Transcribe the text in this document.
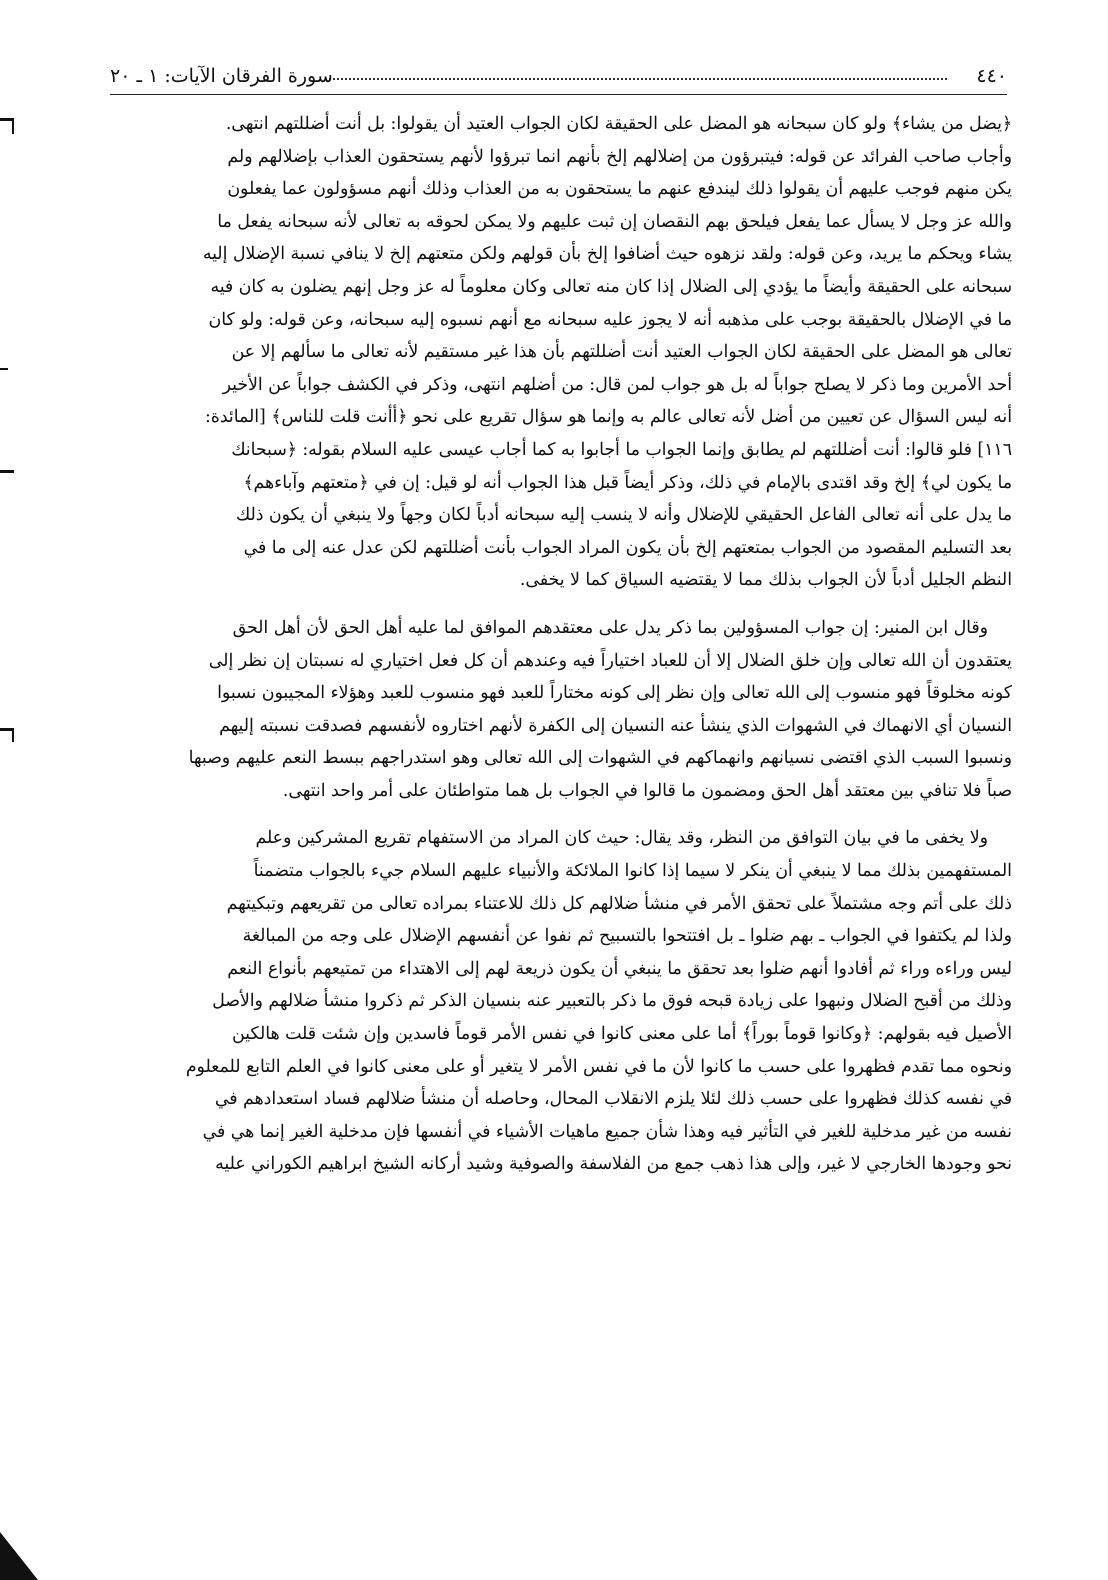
٤٤٠
سورة الفرقان الآيات: ١ ـ ٢٠
﴿يضل من يشاء﴾ ولو كان سبحانه هو المضل على الحقيقة لكان الجواب العتيد أن يقولوا: بل أنت أضللتهم انتهى.
وأجاب صاحب الفرائد عن قوله: فيتبرؤون من إضلالهم إلخ بأنهم انما تبرؤوا لأنهم يستحقون العذاب بإضلالهم ولم
يكن منهم فوجب عليهم أن يقولوا ذلك ليندفع عنهم ما يستحقون به من العذاب وذلك أنهم مسؤولون عما يفعلون
والله عز وجل لا يسأل عما يفعل فيلحق بهم النقصان إن ثبت عليهم ولا يمكن لحوقه به تعالى لأنه سبحانه يفعل ما
يشاء ويحكم ما يريد، وعن قوله: ولقد نزهوه حيث أضافوا إلخ بأن قولهم ولكن متعتهم إلخ لا ينافي نسبة الإضلال إليه
سبحانه على الحقيقة وأيضاً ما يؤدي إلى الضلال إذا كان منه تعالى وكان معلوماً له عز وجل إنهم يضلون به كان فيه
ما في الإضلال بالحقيقة بوجب على مذهبه أنه لا يجوز عليه سبحانه مع أنهم نسبوه إليه سبحانه، وعن قوله: ولو كان
تعالى هو المضل على الحقيقة لكان الجواب العتيد أنت أضللتهم بأن هذا غير مستقيم لأنه تعالى ما سألهم إلا عن
أحد الأمرين وما ذكر لا يصلح جواباً له بل هو جواب لمن قال: من أضلهم انتهى، وذكر في الكشف جواباً عن الأخير
أنه ليس السؤال عن تعيين من أضل لأنه تعالى عالم به وإنما هو سؤال تقريع على نحو ﴿أأنت قلت للناس﴾ [المائدة:
١١٦] فلو قالوا: أنت أضللتهم لم يطابق وإنما الجواب ما أجابوا به كما أجاب عيسى عليه السلام بقوله: ﴿سبحانك
ما يكون لي﴾ إلخ وقد اقتدى بالإمام في ذلك، وذكر أيضاً قبل هذا الجواب أنه لو قيل: إن في ﴿متعتهم وآباءهم﴾
ما يدل على أنه تعالى الفاعل الحقيقي للإضلال وأنه لا ينسب إليه سبحانه أدباً لكان وجهاً ولا ينبغي أن يكون ذلك
بعد التسليم المقصود من الجواب بمتعتهم إلخ بأن يكون المراد الجواب بأنت أضللتهم لكن عدل عنه إلى ما في
النظم الجليل أدباً لأن الجواب بذلك مما لا يقتضيه السياق كما لا يخفى.
وقال ابن المنير: إن جواب المسؤولين بما ذكر يدل على معتقدهم الموافق لما عليه أهل الحق لأن أهل الحق
يعتقدون أن الله تعالى وإن خلق الضلال إلا أن للعباد اختياراً فيه وعندهم أن كل فعل اختياري له نسبتان إن نظر إلى
كونه مخلوقاً فهو منسوب إلى الله تعالى وإن نظر إلى كونه مختاراً للعبد فهو منسوب للعبد وهؤلاء المجيبون نسبوا
النسيان أي الانهماك في الشهوات الذي ينشأ عنه النسيان إلى الكفرة لأنهم اختاروه لأنفسهم فصدقت نسبته إليهم
ونسبوا السبب الذي اقتضى نسيانهم وانهماكهم في الشهوات إلى الله تعالى وهو استدراجهم ببسط النعم عليهم وصبها
صباً فلا تنافي بين معتقد أهل الحق ومضمون ما قالوا في الجواب بل هما متواطئان على أمر واحد انتهى.
ولا يخفى ما في بيان التوافق من النظر، وقد يقال: حيث كان المراد من الاستفهام تقريع المشركين وعلم
المستفهمين بذلك مما لا ينبغي أن ينكر لا سيما إذا كانوا الملائكة والأنبياء عليهم السلام جيء بالجواب متضمناً
ذلك على أتم وجه مشتملاً على تحقق الأمر في منشأ ضلالهم كل ذلك للاعتناء بمراده تعالى من تقريعهم وتبكيتهم
ولذا لم يكتفوا في الجواب ـ بهم ضلوا ـ بل افتتحوا بالتسبيح ثم نفوا عن أنفسهم الإضلال على وجه من المبالغة
ليس وراءه وراء ثم أفادوا أنهم ضلوا بعد تحقق ما ينبغي أن يكون ذريعة لهم إلى الاهتداء من تمتيعهم بأنواع النعم
وذلك من أقبح الضلال ونبهوا على زيادة قبحه فوق ما ذكر بالتعبير عنه بنسيان الذكر ثم ذكروا منشأ ضلالهم والأصل
الأصيل فيه بقولهم: ﴿وكانوا قوماً بوراً﴾ أما على معنى كانوا في نفس الأمر قوماً فاسدين وإن شئت قلت هالكين
ونحوه مما تقدم فظهروا على حسب ما كانوا لأن ما في نفس الأمر لا يتغير أو على معنى كانوا في العلم التابع للمعلوم
في نفسه كذلك فظهروا على حسب ذلك لئلا يلزم الانقلاب المحال، وحاصله أن منشأ ضلالهم فساد استعدادهم في
نفسه من غير مدخلية للغير في التأثير فيه وهذا شأن جميع ماهيات الأشياء في أنفسها فإن مدخلية الغير إنما هي في
نحو وجودها الخارجي لا غير، وإلى هذا ذهب جمع من الفلاسفة والصوفية وشيد أركانه الشيخ ابراهيم الكوراني عليه
